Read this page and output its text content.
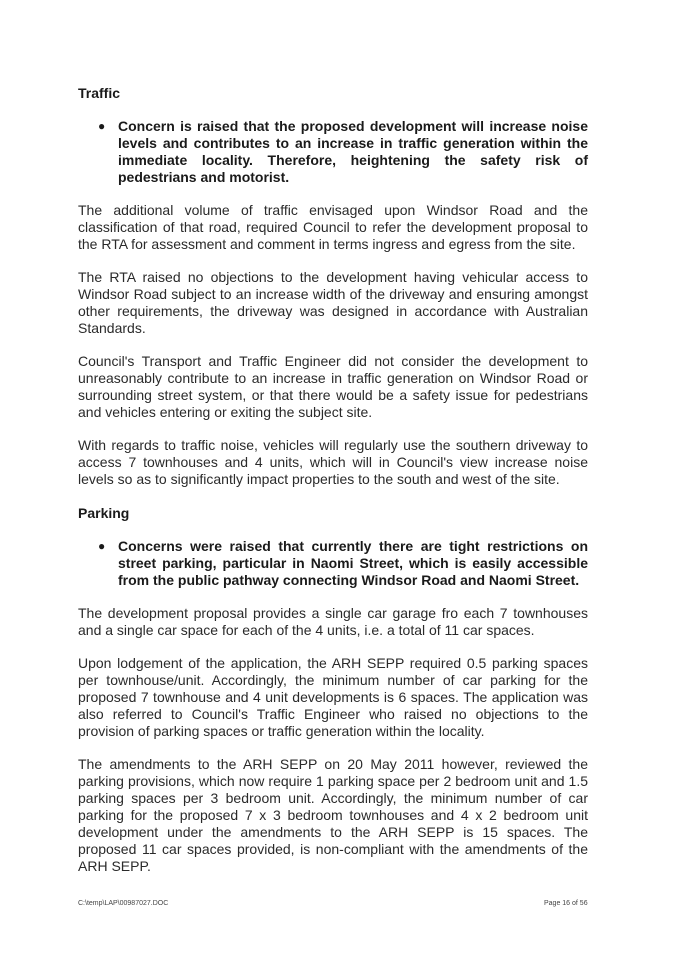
Traffic
● Concern is raised that the proposed development will increase noise levels and contributes to an increase in traffic generation within the immediate locality. Therefore, heightening the safety risk of pedestrians and motorist.

The additional volume of traffic envisaged upon Windsor Road and the classification of that road, required Council to refer the development proposal to the RTA for assessment and comment in terms ingress and egress from the site.

The RTA raised no objections to the development having vehicular access to Windsor Road subject to an increase width of the driveway and ensuring amongst other requirements, the driveway was designed in accordance with Australian Standards.

Council's Transport and Traffic Engineer did not consider the development to unreasonably contribute to an increase in traffic generation on Windsor Road or surrounding street system, or that there would be a safety issue for pedestrians and vehicles entering or exiting the subject site.

With regards to traffic noise, vehicles will regularly use the southern driveway to access 7 townhouses and 4 units, which will in Council's view increase noise levels so as to significantly impact properties to the south and west of the site.

Parking
● Concerns were raised that currently there are tight restrictions on street parking, particular in Naomi Street, which is easily accessible from the public pathway connecting Windsor Road and Naomi Street.

The development proposal provides a single car garage fro each 7 townhouses and a single car space for each of the 4 units, i.e. a total of 11 car spaces.

Upon lodgement of the application, the ARH SEPP required 0.5 parking spaces per townhouse/unit. Accordingly, the minimum number of car parking for the proposed 7 townhouse and 4 unit developments is 6 spaces. The application was also referred to Council's Traffic Engineer who raised no objections to the provision of parking spaces or traffic generation within the locality.

The amendments to the ARH SEPP on 20 May 2011 however, reviewed the parking provisions, which now require 1 parking space per 2 bedroom unit and 1.5 parking spaces per 3 bedroom unit. Accordingly, the minimum number of car parking for the proposed 7 x 3 bedroom townhouses and 4 x 2 bedroom unit development under the amendments to the ARH SEPP is 15 spaces. The proposed 11 car spaces provided, is non-compliant with the amendments of the ARH SEPP.

C:\temp\LAP\00987027.DOC	Page 16 of 56
